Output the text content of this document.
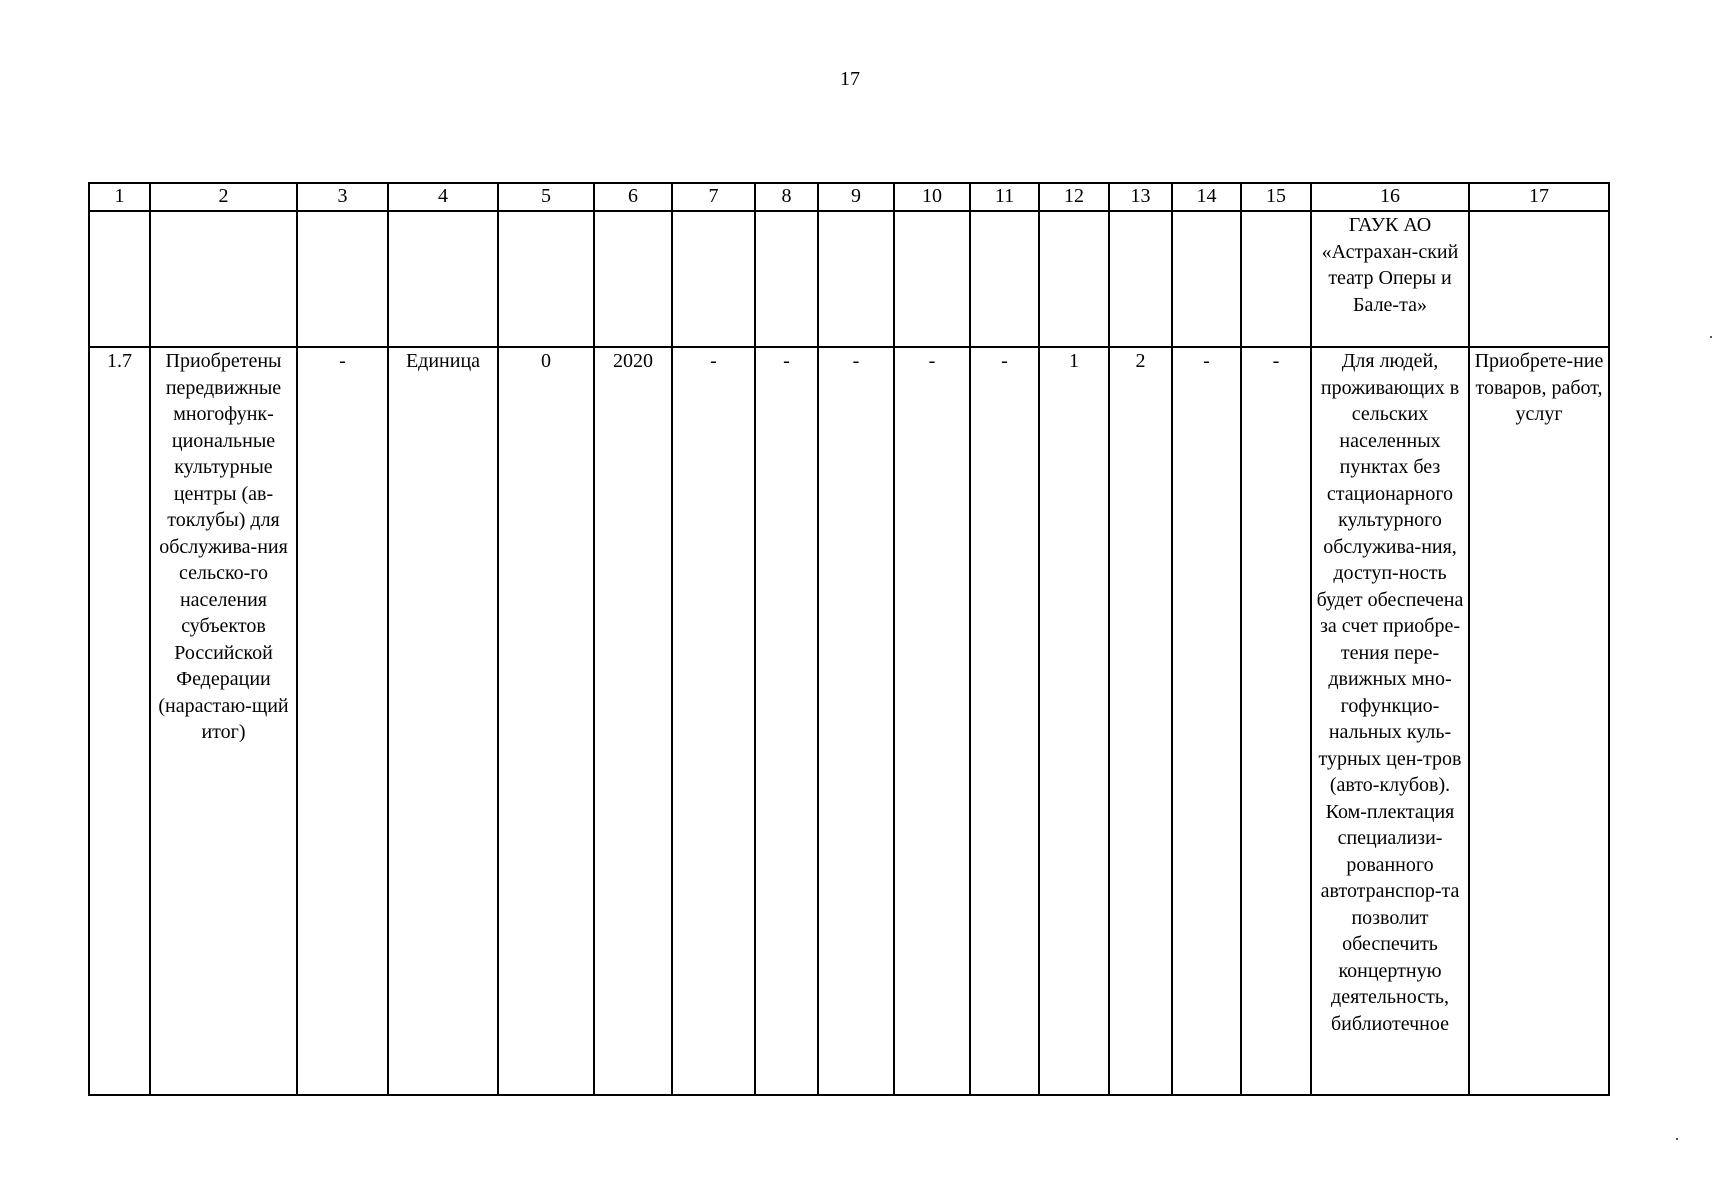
17
1	2	3	4	5	6	7	8	9	10	11	12	13	14	15	16	17
															ГАУК АО «Астрахан-ский театр Оперы и Бале-та»	
1.7	Приобретены передвижные многофунк-циональные культурные центры (ав-токлубы) для обслужива-ния сельско-го населения субъектов Российской Федерации (нарастаю-щий итог)	-	Единица	0	2020	-	-	-	-	-	1	2	-	-	Для людей, проживающих в сельских населенных пунктах без стационарного культурного обслужива-ния, доступ-ность будет обеспечена за счет приобре-тения пере-движных мно-гофункцио-нальных куль-турных цен-тров (авто-клубов). Ком-плектация специализи-рованного автотранспор-та позволит обеспечить концертную деятельность, библиотечное	Приобрете-ние товаров, работ, услуг
